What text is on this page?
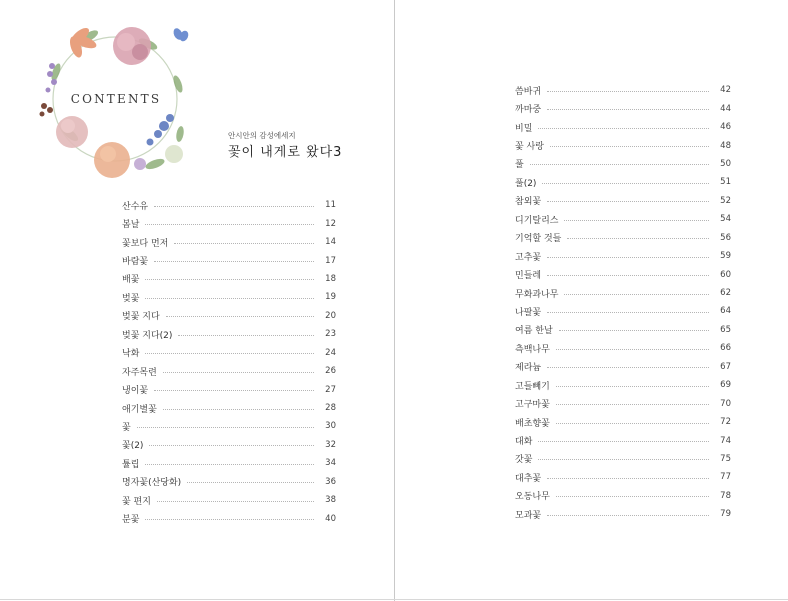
CONTENTS
안시안의 감성에세지
꽃이 내게로 왔다3
산수유	11
봄날	12
꽃보다 먼저	14
바람꽃	17
배꽃	18
벚꽃	19
벚꽃 지다	20
벚꽃 지다(2)	23
낙화	24
자주목련	26
냉이꽃	27
애기별꽃	28
꽃	30
꽃(2)	32
튤립	34
명자꽃(산당화)	36
꽃 편지	38
분꽃	40
씀바귀	42
까마중	44
비밀	46
꽃 사랑	48
풀	50
풀(2)	51
참외꽃	52
디기탈리스	54
기억할 것들	56
고추꽃	59
민들레	60
무화과나무	62
나팔꽃	64
여름 한날	65
측백나무	66
제라늄	67
고들빼기	69
고구마꽃	70
배초향꽃	72
대화	74
갓꽃	75
대추꽃	77
오동나무	78
모과꽃	79
